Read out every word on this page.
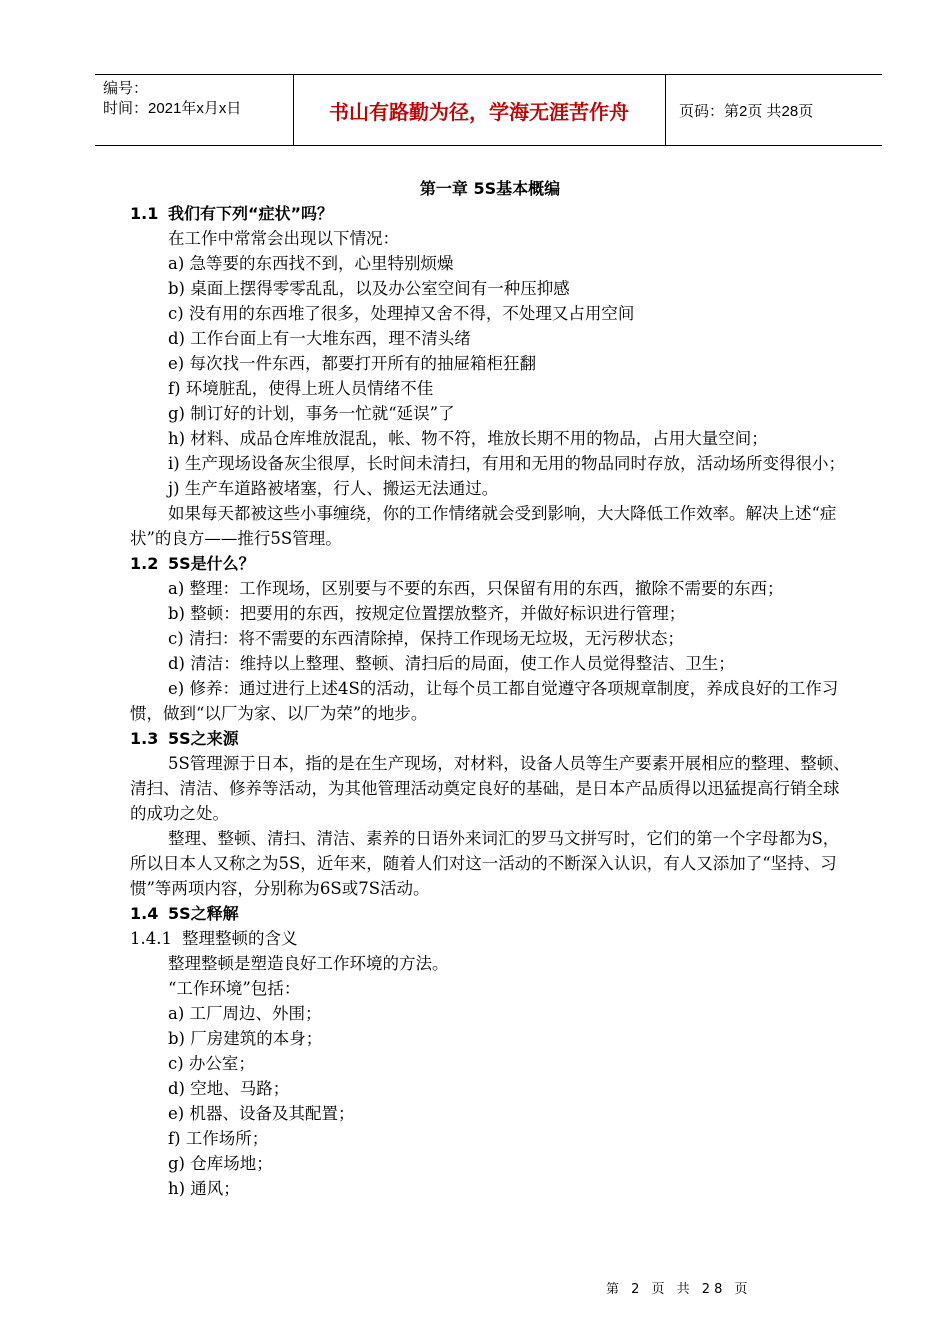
编号：
时间：2021年x月x日	书山有路勤为径，学海无涯苦作舟	页码：第2页 共28页

第一章 5S基本概编

1.1 我们有下列“症状”吗？

在工作中常常会出现以下情况：

a) 急等要的东西找不到，心里特别烦燥

b) 桌面上摆得零零乱乱，以及办公室空间有一种压抑感

c) 没有用的东西堆了很多，处理掉又舍不得，不处理又占用空间

d) 工作台面上有一大堆东西，理不清头绪

e) 每次找一件东西，都要打开所有的抽屉箱柜狂翻

f) 环境脏乱，使得上班人员情绪不佳

g) 制订好的计划，事务一忙就“延误”了

h) 材料、成品仓库堆放混乱，帐、物不符，堆放长期不用的物品，占用大量空间；

i) 生产现场设备灰尘很厚，长时间未清扫，有用和无用的物品同时存放，活动场所变得很小；

j) 生产车道路被堵塞，行人、搬运无法通过。

如果每天都被这些小事缠绕，你的工作情绪就会受到影响，大大降低工作效率。解决上述“症状”的良方——推行5S管理。

1.2 5S是什么？

a) 整理：工作现场，区别要与不要的东西，只保留有用的东西，撤除不需要的东西；

b) 整顿：把要用的东西，按规定位置摆放整齐，并做好标识进行管理；

c) 清扫：将不需要的东西清除掉，保持工作现场无垃圾，无污秽状态；

d) 清洁：维持以上整理、整顿、清扫后的局面，使工作人员觉得整洁、卫生；

e) 修养：通过进行上述4S的活动，让每个员工都自觉遵守各项规章制度，养成良好的工作习惯，做到“以厂为家、以厂为荣”的地步。

1.3 5S之来源

5S管理源于日本，指的是在生产现场，对材料，设备人员等生产要素开展相应的整理、整顿、清扫、清洁、修养等活动，为其他管理活动奠定良好的基础，是日本产品质得以迅猛提高行销全球的成功之处。

整理、整顿、清扫、清洁、素养的日语外来词汇的罗马文拼写时，它们的第一个字母都为S，所以日本人又称之为5S，近年来，随着人们对这一活动的不断深入认识，有人又添加了“坚持、习惯”等两项内容，分别称为6S或7S活动。

1.4 5S之释解

1.4.1 整理整顿的含义

整理整顿是塑造良好工作环境的方法。

“工作环境”包括：

a) 工厂周边、外围；

b) 厂房建筑的本身；

c) 办公室；

d) 空地、马路；

e) 机器、设备及其配置；

f) 工作场所；

g) 仓库场地；

h) 通风；

第 2 页 共 28 页
